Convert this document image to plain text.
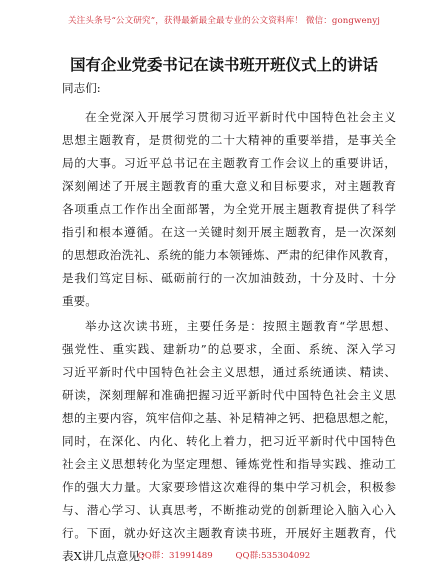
关注头条号“公文研究”，获得最新最全最专业的公文资料库！ 微信：gongwenyj
国有企业党委书记在读书班开班仪式上的讲话
同志们:
在全党深入开展学习贯彻习近平新时代中国特色社会主义
思想主题教育，是贯彻党的二十大精神的重要举措，是事关全
局的大事。习近平总书记在主题教育工作会议上的重要讲话，
深刻阐述了开展主题教育的重大意义和目标要求，对主题教育
各项重点工作作出全面部署，为全党开展主题教育提供了科学
指引和根本遵循。在这一关键时刻开展主题教育，是一次深刻
的思想政治洗礼、系统的能力本领锤炼、严肃的纪律作风教育，
是我们笃定目标、砥砺前行的一次加油鼓劲，十分及时、十分
重要。
举办这次读书班，主要任务是：按照主题教育“学思想、
强党性、重实践、建新功”的总要求，全面、系统、深入学习
习近平新时代中国特色社会主义思想，通过系统通读、精读、
研读，深刻理解和准确把握习近平新时代中国特色社会主义思
想的主要内容，筑牢信仰之基、补足精神之钙、把稳思想之舵，
同时，在深化、内化、转化上着力，把习近平新时代中国特色
社会主义思想转化为坚定理想、锤炼党性和指导实践、推动工
作的强大力量。大家要珍惜这次难得的集中学习机会，积极参
与、潜心学习、认真思考，不断推动党的创新理论入脑入心入
行。下面，就办好这次主题教育读书班，开展好主题教育，代
表X讲几点意见：
QQ群：31991489	QQ群:535304092
